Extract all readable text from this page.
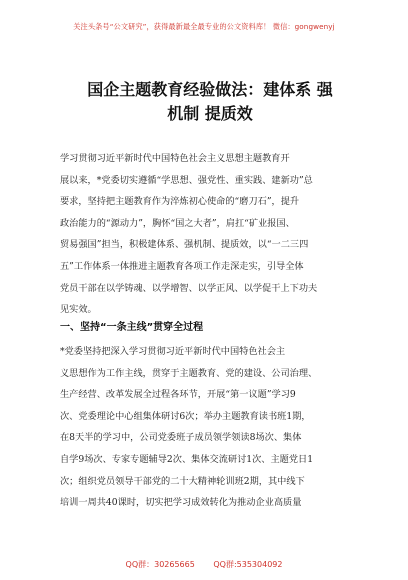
关注头条号“公文研究”，获得最新最全最专业的公文资料库！ 微信：gongwenyj
国企主题教育经验做法：建体系 强
机制 提质效
学习贯彻习近平新时代中国特色社会主义思想主题教育开
展以来，*党委切实遵循“学思想、强党性、重实践、建新功”总
要求，坚持把主题教育作为淬炼初心使命的“磨刀石”，提升
政治能力的“源动力”，胸怀“国之大者”，肩扛“矿业报国、
贸易强国”担当，积极建体系、强机制、提质效，以“一二三四
五”工作体系一体推进主题教育各项工作走深走实，引导全体
党员干部在以学铸魂、以学增智、以学正风、以学促干上下功夫
见实效。
一、坚持“一条主线”贯穿全过程
*党委坚持把深入学习贯彻习近平新时代中国特色社会主
义思想作为工作主线，贯穿于主题教育、党的建设、公司治理、
生产经营、改革发展全过程各环节，开展“第一议题”学习9
次、党委理论中心组集体研讨6次；举办主题教育读书班1期，
在8天半的学习中，公司党委班子成员领学领读8场次、集体
自学9场次、专家专题辅导2次、集体交流研讨1次、主题党日1
次；组织党员领导干部党的二十大精神轮训班2期，其中线下
培训一周共40课时，切实把学习成效转化为推动企业高质量
QQ群：30265665 QQ群:535304092
